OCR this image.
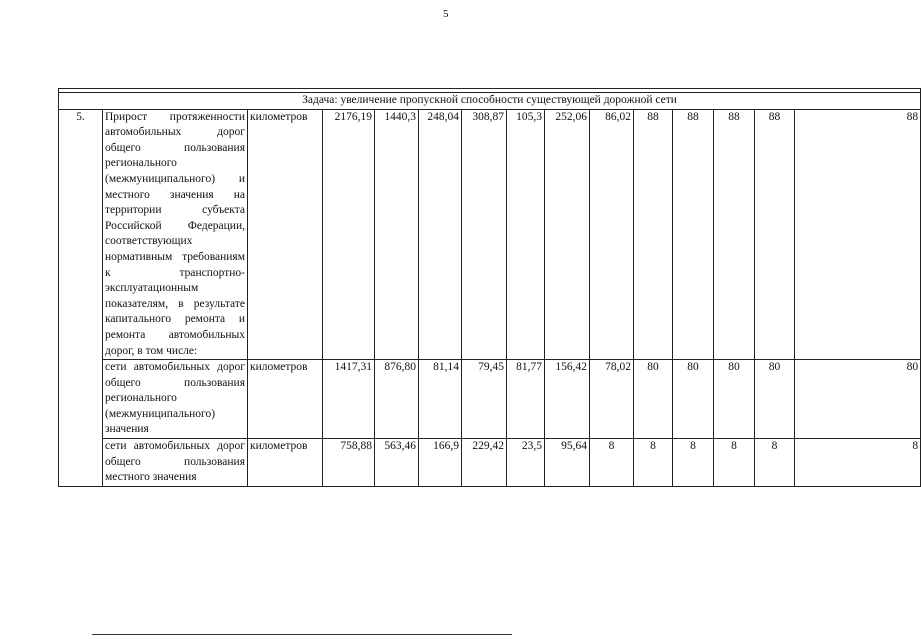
5

Задача: увеличение пропускной способности существующей дорожной сети														
5.	Прирост протяженности автомобильных дорог общего пользования регионального (межмуниципального) и местного значения на территории субъекта Российской Федерации, соответствующих нормативным требованиям к транспортно-эксплуатационным показателям, в результате капитального ремонта и ремонта автомобильных дорог, в том числе:	километров	2176,19	1440,3	248,04	308,87	105,3	252,06	86,02	88	88	88	88	88
	сети автомобильных дорог общего пользования регионального (межмуниципального) значения	километров	1417,31	876,80	81,14	79,45	81,77	156,42	78,02	80	80	80	80	80
	сети автомобильных дорог общего пользования местного значения	километров	758,88	563,46	166,9	229,42	23,5	95,64	8	8	8	8	8	8
